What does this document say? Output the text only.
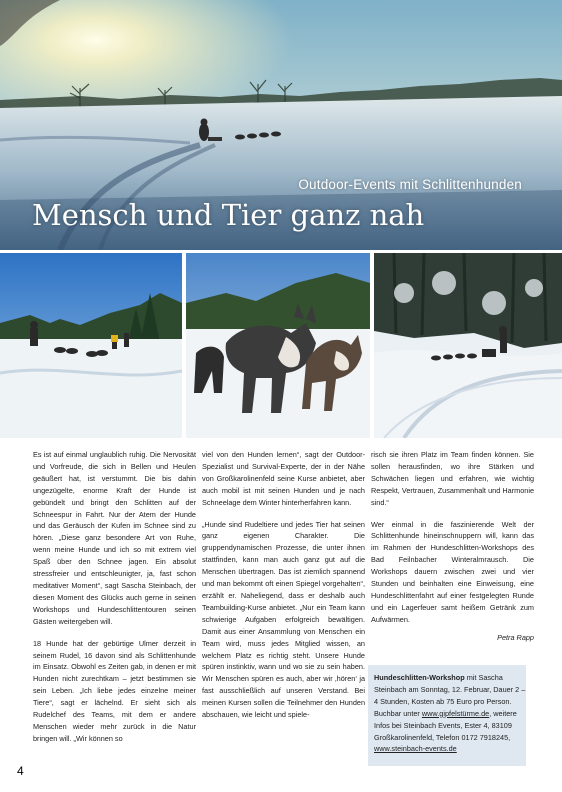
Outdoor-Events mit Schlittenhunden
Mensch und Tier ganz nah

Es ist auf einmal unglaublich ruhig. Die Nervosität und Vorfreude, die sich in Bellen und Heulen geäußert hat, ist verstummt. Die bis dahin ungezügelte, enorme Kraft der Hunde ist gebündelt und bringt den Schlitten auf der Schneespur in Fahrt. Nur der Atem der Hunde und das Geräusch der Kufen im Schnee sind zu hören. „Diese ganz besondere Art von Ruhe, wenn meine Hunde und ich so mit extrem viel Spaß über den Schnee jagen. Ein absolut stressfreier und entschleunigter, ja, fast schon meditativer Moment“, sagt Sascha Steinbach, der diesen Moment des Glücks auch gerne in seinen Workshops und Hundeschlittentouren seinen Gästen weitergeben will.

18 Hunde hat der gebürtige Ulmer derzeit in seinem Rudel, 16 davon sind als Schlittenhunde im Einsatz. Obwohl es Zeiten gab, in denen er mit Hunden nicht zurechtkam – jetzt bestimmen sie sein Leben. „Ich liebe jedes einzelne meiner Tiere“, sagt er lächelnd. Er sieht sich als Rudelchef des Teams, mit dem er andere Menschen wieder mehr zurück in die Natur bringen will. „Wir können so

viel von den Hunden lernen“, sagt der Outdoor-Spezialist und Survival-Experte, der in der Nähe von Großkarolinenfeld seine Kurse anbietet, aber auch mobil ist mit seinen Hunden und je nach Schneelage dem Winter hinterherfahren kann.

„Hunde sind Rudeltiere und jedes Tier hat seinen ganz eigenen Charakter. Die gruppendynamischen Prozesse, die unter ihnen stattfinden, kann man auch ganz gut auf die Menschen übertragen. Das ist ziemlich spannend und man bekommt oft einen Spiegel vorgehalten“, erzählt er. Naheliegend, dass er deshalb auch Teambuilding-Kurse anbietet. „Nur ein Team kann schwierige Aufgaben erfolgreich bewältigen. Damit aus einer Ansammlung von Menschen ein Team wird, muss jedes Mitglied wissen, an welchem Platz es richtig steht. Unsere Hunde spüren instinktiv, wann und wo sie zu sein haben. Wir Menschen spüren es auch, aber wir ‚hören‘ ja fast ausschließlich auf unseren Verstand. Bei meinen Kursen sollen die Teilnehmer den Hunden abschauen, wie leicht und spiele-

risch sie ihren Platz im Team finden können. Sie sollen herausfinden, wo ihre Stärken und Schwächen liegen und erfahren, wie wichtig Respekt, Vertrauen, Zusammenhalt und Harmonie sind.“

Wer einmal in die faszinierende Welt der Schlittenhunde hineinschnuppern will, kann das im Rahmen der Hundeschlitten-Workshops des Bad Feilnbacher Winteralmrausch. Die Workshops dauern zwischen zwei und vier Stunden und beinhalten eine Einweisung, eine Hundeschlittenfahrt auf einer festgelegten Runde und ein Lagerfeuer samt heißem Getränk zum Aufwärmen.

Petra Rapp
Hundeschlitten-Workshop mit Sascha Steinbach am Sonntag, 12. Februar, Dauer 2 – 4 Stunden, Kosten ab 75 Euro pro Person. Buchbar unter www.gipfelstürme.de, weitere Infos bei Steinbach Events, Ester 4, 83109 Großkarolinenfeld, Telefon 0172 7918245, www.steinbach-events.de
4
